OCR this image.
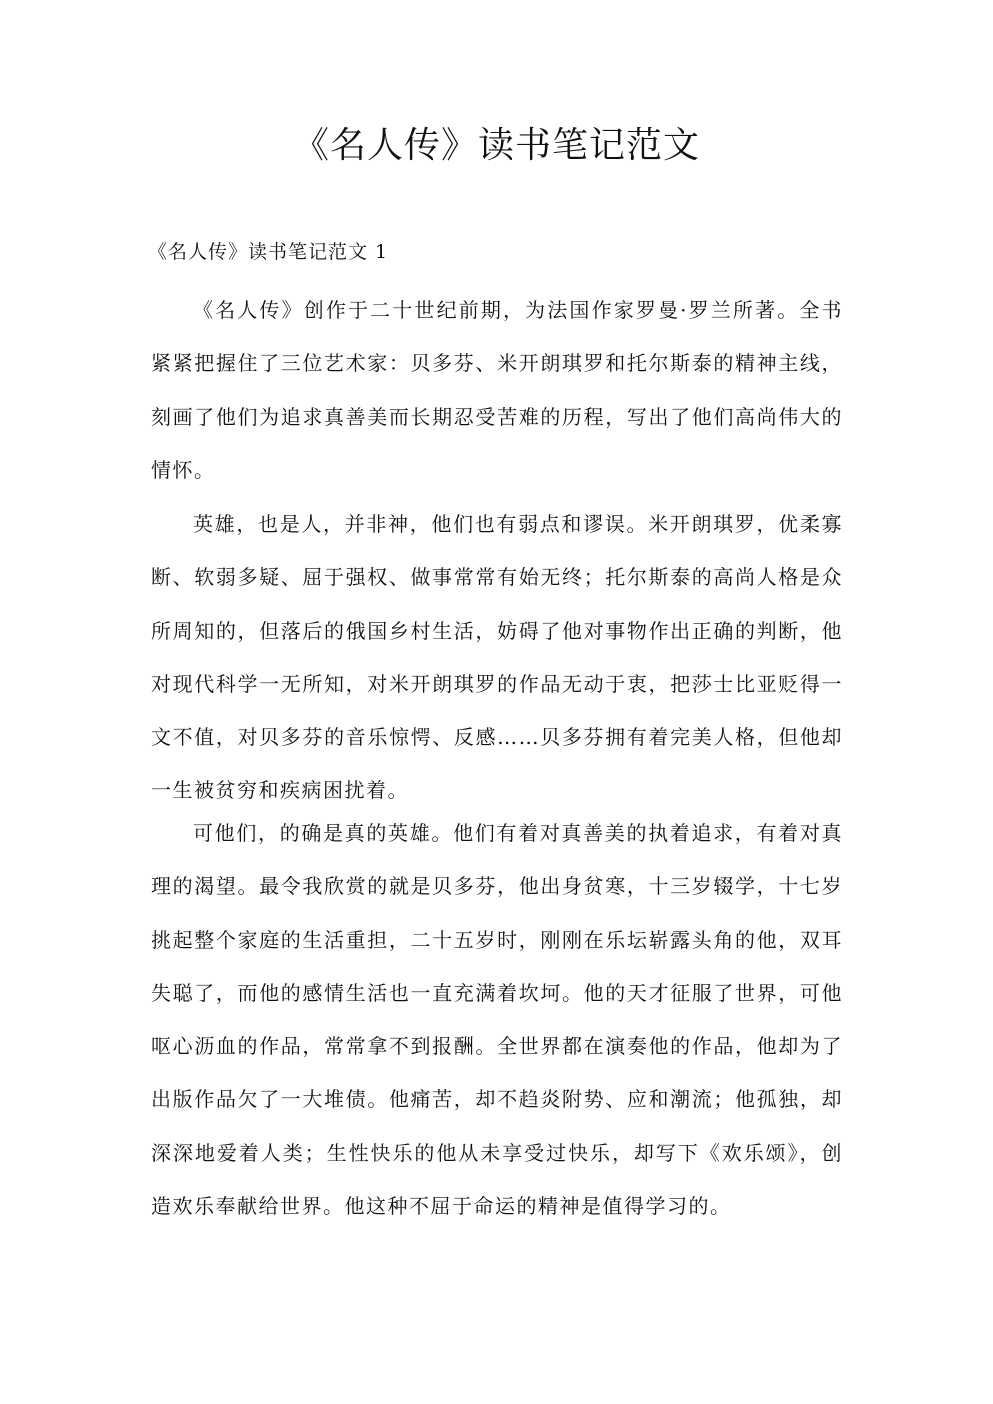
《名人传》读书笔记范文
《名人传》读书笔记范文 1

《名人传》创作于二十世纪前期，为法国作家罗曼·罗兰所著。全书紧紧把握住了三位艺术家：贝多芬、米开朗琪罗和托尔斯泰的精神主线，刻画了他们为追求真善美而长期忍受苦难的历程，写出了他们高尚伟大的情怀。

英雄，也是人，并非神，他们也有弱点和谬误。米开朗琪罗，优柔寡断、软弱多疑、屈于强权、做事常常有始无终；托尔斯泰的高尚人格是众所周知的，但落后的俄国乡村生活，妨碍了他对事物作出正确的判断，他对现代科学一无所知，对米开朗琪罗的作品无动于衷，把莎士比亚贬得一文不值，对贝多芬的音乐惊愕、反感……贝多芬拥有着完美人格，但他却一生被贫穷和疾病困扰着。

可他们，的确是真的英雄。他们有着对真善美的执着追求，有着对真理的渴望。最令我欣赏的就是贝多芬，他出身贫寒，十三岁辍学，十七岁挑起整个家庭的生活重担，二十五岁时，刚刚在乐坛崭露头角的他，双耳失聪了，而他的感情生活也一直充满着坎坷。他的天才征服了世界，可他呕心沥血的作品，常常拿不到报酬。全世界都在演奏他的作品，他却为了出版作品欠了一大堆债。他痛苦，却不趋炎附势、应和潮流；他孤独，却深深地爱着人类；生性快乐的他从未享受过快乐，却写下《欢乐颂》，创造欢乐奉献给世界。他这种不屈于命运的精神是值得学习的。
